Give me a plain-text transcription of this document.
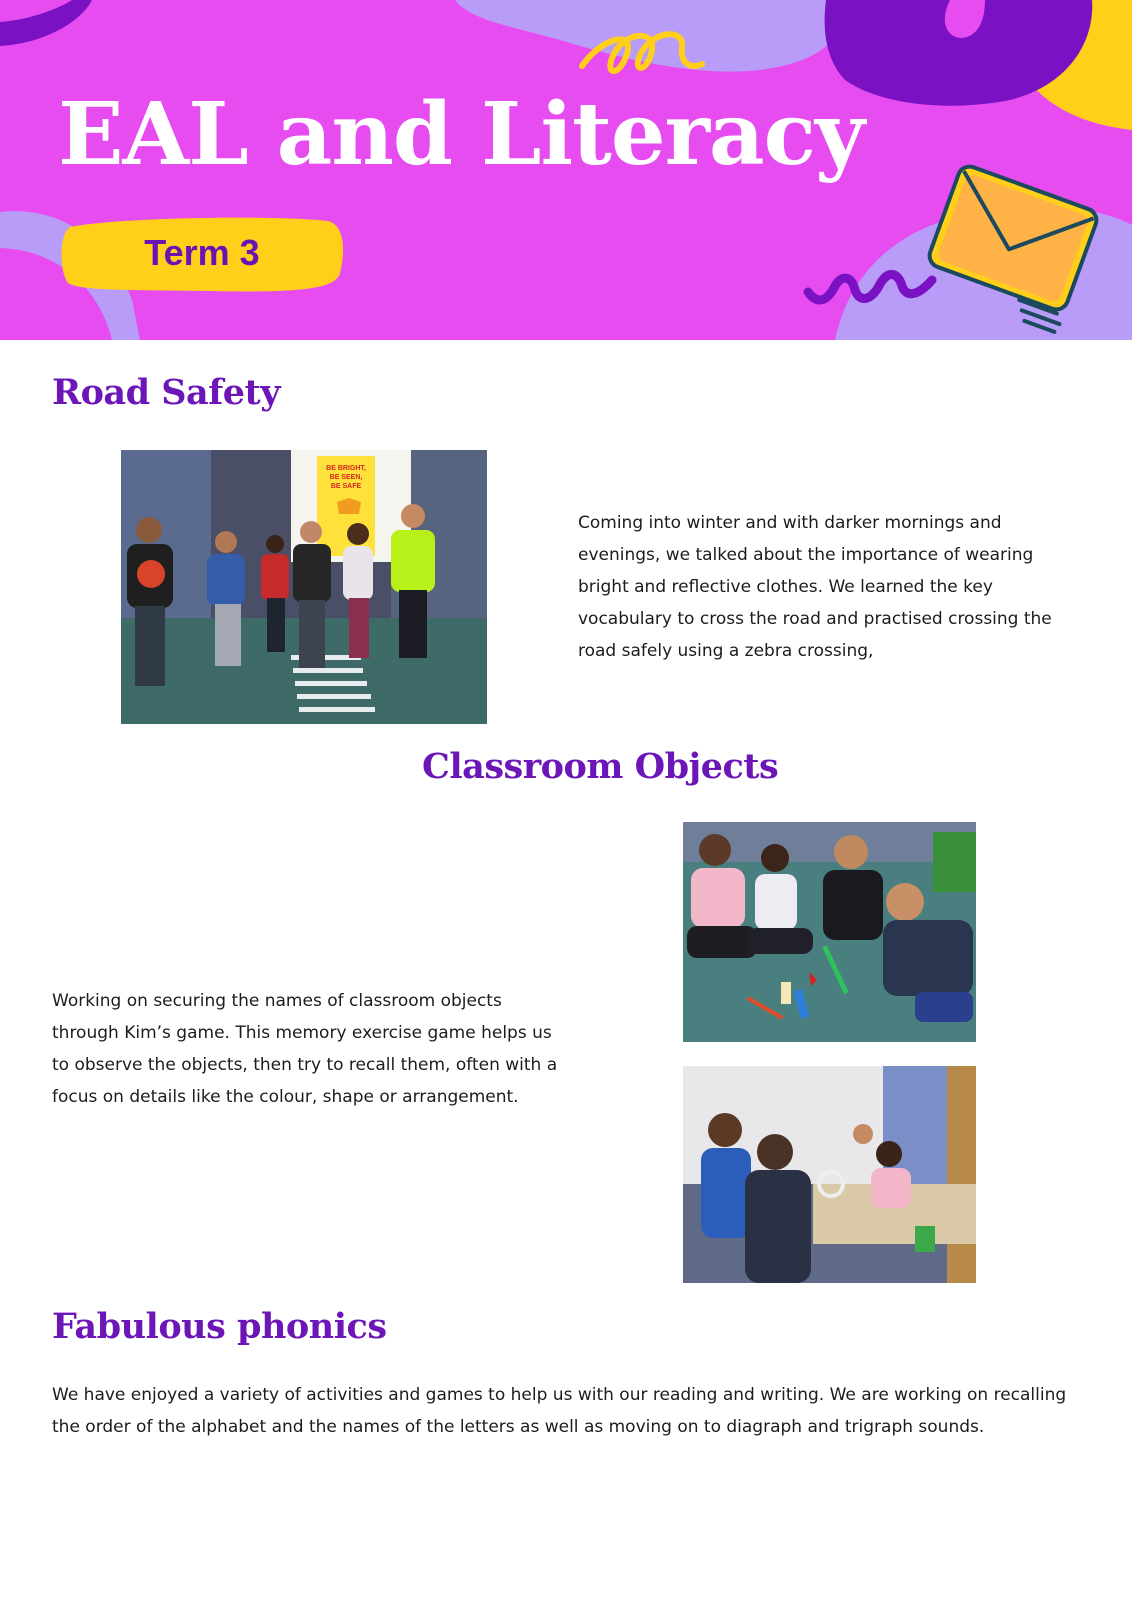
EAL and Literacy
Term 3
Road Safety
BE BRIGHT,
BE SEEN,
BE SAFE

Coming into winter and with darker mornings and evenings, we talked about the importance of wearing bright and reflective clothes. We learned the key vocabulary to cross the road and practised crossing the road safely using a zebra crossing,

Classroom Objects

Working on securing the names of classroom objects through Kim’s game. This memory exercise game helps us to observe the objects, then try to recall them, often with a focus on details like the colour, shape or arrangement.

Fabulous phonics

We have enjoyed a variety of activities and games to help us with our reading and writing. We are working on recalling the order of the alphabet and the names of the letters as well as moving on to diagraph and trigraph sounds.
